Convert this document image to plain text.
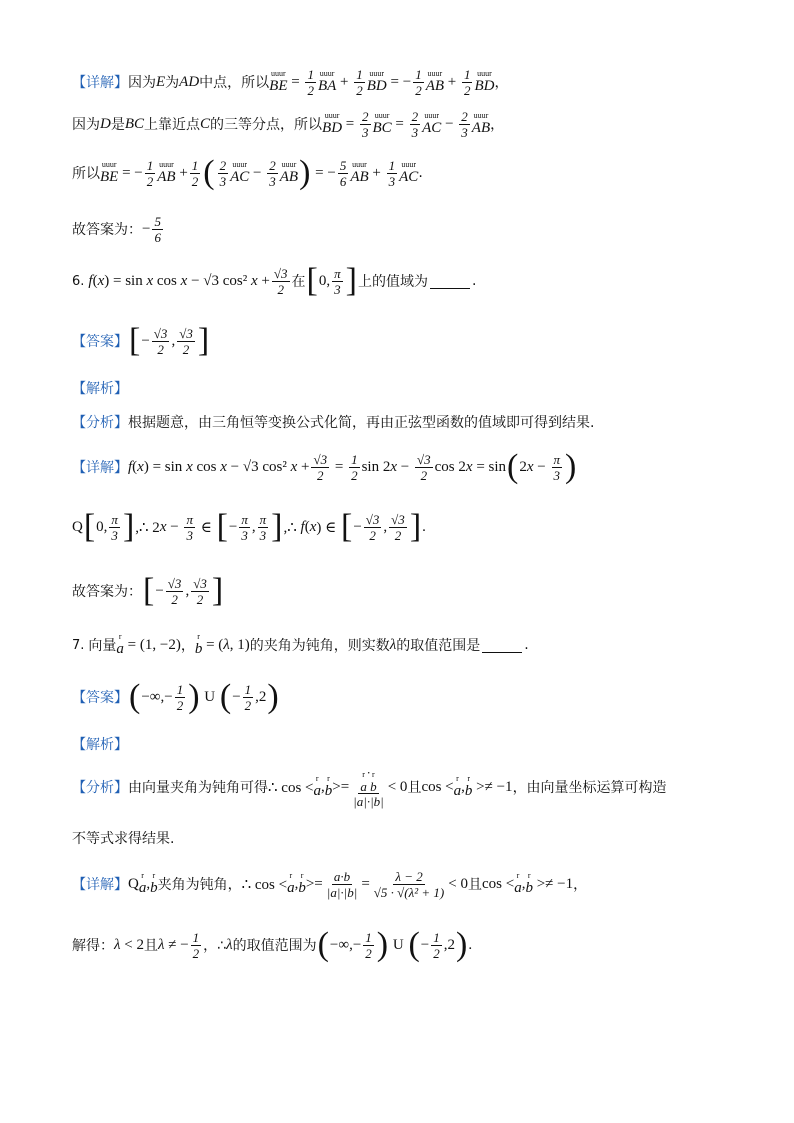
【详解】 因为 E 为 AD 中点，所以
uuur
BE = $\frac{1}{2}$ uuur
BA + $\frac{1}{2}$ uuur
BD = − $\frac{1}{2}$ uuur
AB + $\frac{1}{2}$ uuur
BD ，
因为 D 是 BC 上靠近点 C 的三等分点，所以
uuur
BD = $\frac{2}{3}$ uuur
BC = $\frac{2}{3}$ uuur
AC − $\frac{2}{3}$ uuur
AB ，
所以
uuur
BE = − $\frac{1}{2}$ uuur
AB + $\frac{1}{2}$ ( $\frac{2}{3}$ uuur
AC − $\frac{2}{3}$ uuur
AB ) = − $\frac{5}{6}$ uuur
AB + $\frac{1}{3}$ uuur
AC .
故答案为： − $\frac{5}{6}$
6. f ( x ) = sin x cos x − √3 cos² $x + \frac{√3}{2}$ 在 [ 0, $\frac{\pi}{3}$ ] 上的值域为	.
【答案】 [ − $\frac{√3}{2}$ , $\frac{√3}{2}$ ]
【解析】
【分析】 根据题意，由三角恒等变换公式化简，再由正弦型函数的值域即可得到结果.
【详解】 f ( x ) = sin x cos x − √3 cos² $x + \frac{√3}{2} = \frac{1}{2}$ sin 2 $x - \frac{√3}{2}$ cos 2 x = sin ( 2 $x - \frac{\pi}{3}$ )
Q [ 0, $\frac{\pi}{3}$ ] ,∴ 2 $x - \frac{\pi}{3}$ ∈ [ − $\frac{\pi}{3}$ , $\frac{\pi}{3}$ ] ,∴ f ( x ) ∈ [ − $\frac{√3}{2}$ , $\frac{√3}{2}$ ] .
故答案为： [ − $\frac{√3}{2}$ , $\frac{√3}{2}$ ]
7. 向量
r
a = (1, −2) ，
r
b = ( λ , 1) 的夹角为钝角，则实数 λ 的取值范围是	.
【答案】 ( −∞,− $\frac{1}{2}$ ) U ( − $\frac{1}{2} ,2$ )
【解析】
【分析】 由向量夹角为钝角可得 ∴ cos <
r
a , r
b >= r
a
· r
b
|a|·|b| < 0 且 cos < r
a , r
b >≠ −1 ，由向量坐标运算可构造
不等式求得结果.
【详解】 Q r
a , r
b 夹角为钝角， ∴ cos <
r
a , r
$b >= \frac{a\cdot b}{|a|\cdot|b|} = \frac{\lambda - 2}{\text{√5 · √(λ² + 1)}} < 0$ 且 cos < r
a , r
b >≠ −1 ，
解得： λ < 2 且 λ ≠ − $\frac{1}{2}$ ，∴ λ 的取值范围为 ( −∞,− $\frac{1}{2}$ ) U ( − $\frac{1}{2} ,2$ ) .
